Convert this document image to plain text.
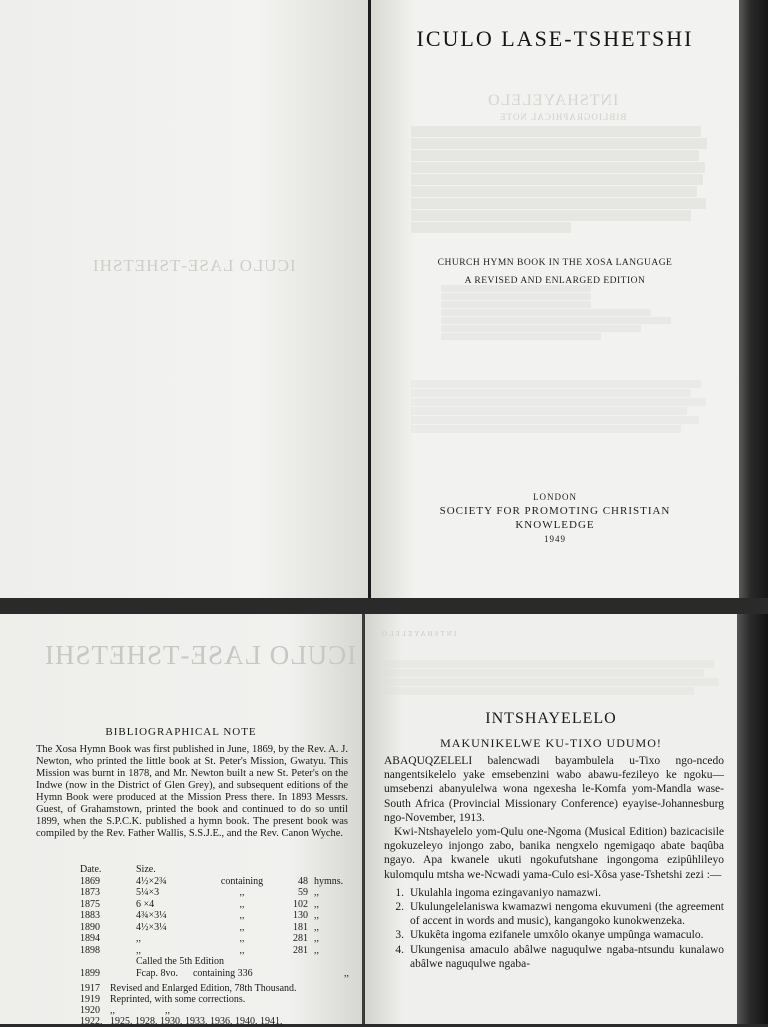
ICULO LASE-TSHETSHI
ICULO LASE-TSHETSHI
INTSHAYELELO
BIBLIOGRAPHICAL NOTE
CHURCH HYMN BOOK IN THE XOSA LANGUAGE
A REVISED AND ENLARGED EDITION
LONDON
SOCIETY FOR PROMOTING CHRISTIAN
KNOWLEDGE
1949
ICULO LASE-TSHETSHI
BIBLIOGRAPHICAL NOTE
The Xosa Hymn Book was first published in June, 1869, by the Rev. A. J. Newton, who printed the little book at St. Peter's Mission, Gwatyu. This Mission was burnt in 1878, and Mr. Newton built a new St. Peter's on the Indwe (now in the District of Glen Grey), and subsequent editions of the Hymn Book were produced at the Mission Press there. In 1893 Messrs. Guest, of Grahamstown, printed the book and continued to do so until 1899, when the S.P.C.K. published a hymn book. The present book was compiled by the Rev. Father Wallis, S.S.J.E., and the Rev. Canon Wyche.
Date.	Size.
1869	4½×2¾	containing	48 hymns.
1873	5¼×3	,,	59 ,,
1875	6 ×4	,,	102 ,,
1883	4¾×3¼	,,	130 ,,
1890	4½×3¼	,,	181 ,,
1894	,,	,,	281 ,,
1898	,,	,,	281 ,,
Called the 5th Edition
1899	Fcap. 8vo.      containing 336	,,
1917	Revised and Enlarged Edition, 78th Thousand.
1919	Reprinted, with some corrections.
1920	,,                    ,,
1922, 1925, 1928, 1930, 1933, 1936, 1940, 1941,
INTSHAYELELO
INTSHAYELELO
MAKUNIKELWE KU-TIXO UDUMO!

ABAQUQZELELI balencwadi bayambulela u-Tixo ngo-ncedo nangentsikelelo yake emsebenzini wabo abawu-fezileyo ke ngoku—umsebenzi abanyulelwa wona ngexesha le-Komfa yom-Mandla wase-South Africa (Provincial Missionary Conference) eyayise-Johannesburg ngo-November, 1913.

Kwi-Ntshayelelo yom-Qulu one-Ngoma (Musical Edition) bazicacisile ngokuzeleyo injongo zabo, banika nengxelo ngemigaqo abate baqûba ngayo. Apa kwanele ukuti ngokufutshane ingongoma ezipûhlileyo kulomqulu mtsha we-Ncwadi yama-Culo esi-Xôsa yase-Tshetshi zezi :—

1. Ukulahla ingoma ezingavaniyo namazwi.
2. Ukulungelelaniswa kwamazwi nengoma ekuvumeni (the agreement of accent in words and music), kangangoko kunokwenzeka.
3. Ukukêta ingoma ezifanele umxôlo okanye umpûnga wamaculo.
4. Ukungenisa amaculo abâlwe naguqulwe ngaba-ntsundu kunalawo abâlwe naguqulwe ngaba-
